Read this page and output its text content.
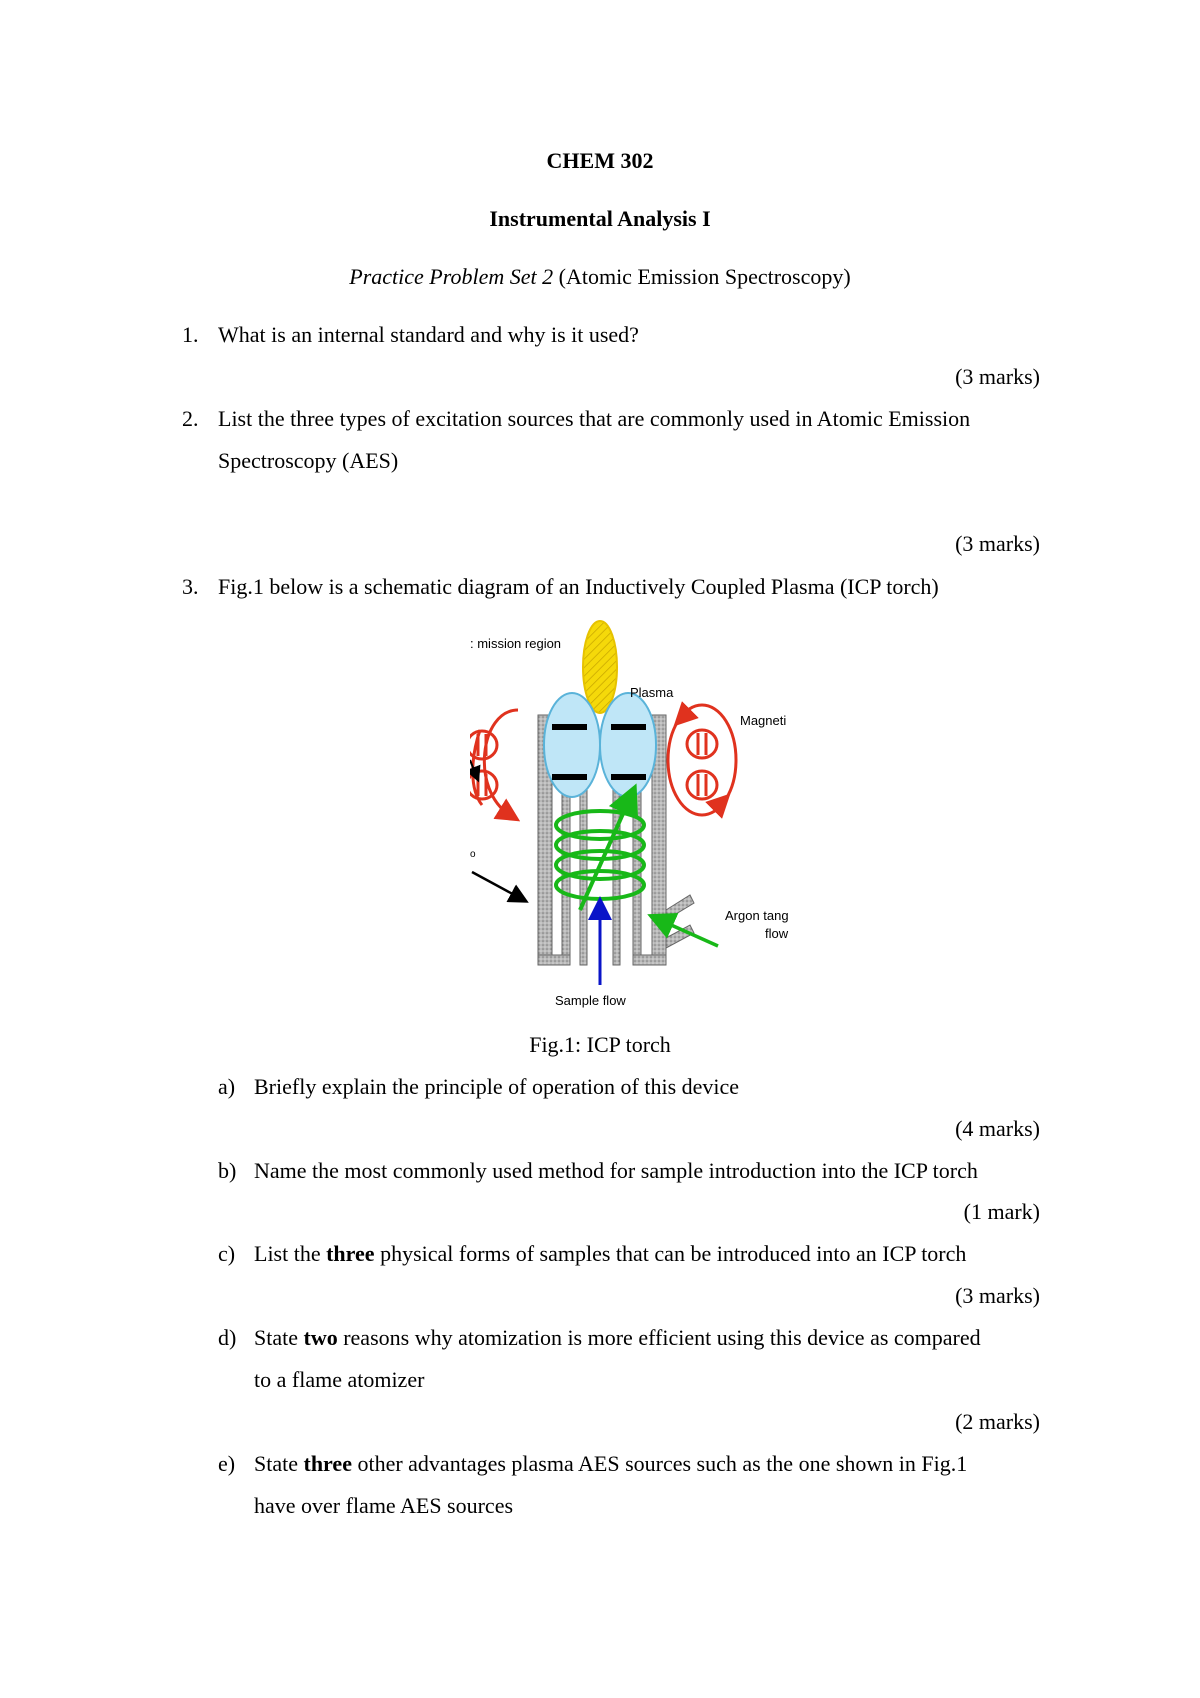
CHEM 302
Instrumental Analysis I
Practice Problem Set 2 (Atomic Emission Spectroscopy)
1. What is an internal standard and why is it used?
(3 marks)
2. List the three types of excitation sources that are commonly used in Atomic Emission
Spectroscopy (AES)
(3 marks)
3. Fig.1 below is a schematic diagram of an Inductively Coupled Plasma (ICP torch)
: mission region
Plasma
Magneti
o
Argon tang
flow
Sample flow
Fig.1: ICP torch
a) Briefly explain the principle of operation of this device
(4 marks)
b) Name the most commonly used method for sample introduction into the ICP torch
(1 mark)
c) List the three physical forms of samples that can be introduced into an ICP torch
(3 marks)
d) State two reasons why atomization is more efficient using this device as compared
to a flame atomizer
(2 marks)
e) State three other advantages plasma AES sources such as the one shown in Fig.1
have over flame AES sources
